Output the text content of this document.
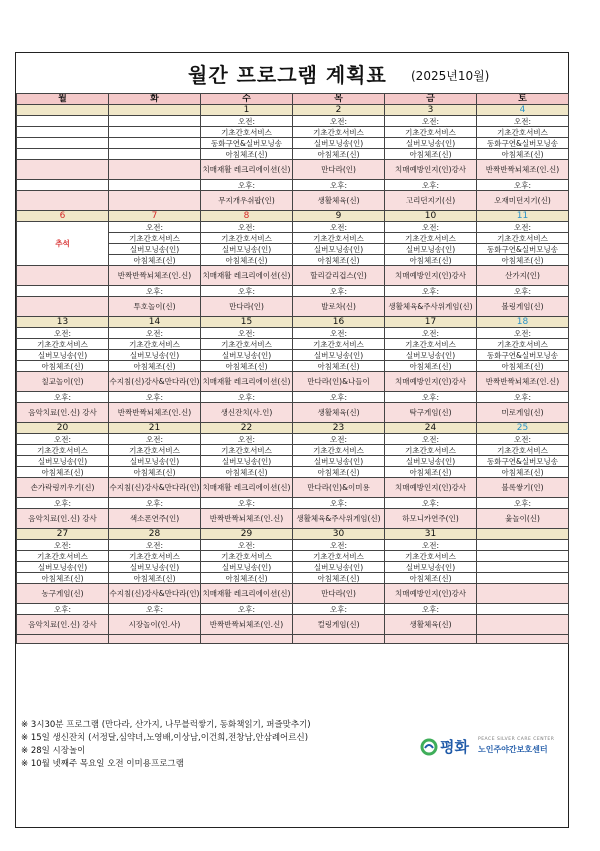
월간 프로그램 계획표 (2025년10월)
월	화	수	목	금	토
		1	2	3	4
		오전:	오전:	오전:	오전:
		기초간호서비스	기초간호서비스	기초간호서비스	기초간호서비스
		동화구연&실버모닝송	실버모닝송(인)	실버모닝송(인)	동화구연&실버모닝송
		아침체조(신)	아침체조(신)	아침체조(신)	아침체조(신)
		치매재활 레크리에이션(신)	만다라(인)	치매예방인지(인)강사	반짝반짝뇌체조(인.신)
		오후:	오후:	오후:	오후:
		무지개우쉬팝(인)	생활체육(신)	고리던지기(신)	오재미던지기(신)
6	7	8	9	10	11
추석	오전:	오전:	오전:	오전:	오전:
	기초간호서비스	기초간호서비스	기초간호서비스	기초간호서비스	기초간호서비스
	실버모닝송(인)	실버모닝송(인)	실버모닝송(인)	실버모닝송(인)	동화구연&실버모닝송
	아침체조(신)	아침체조(신)	아침체조(신)	아침체조(신)	아침체조(신)
	반짝반짝뇌체조(인.신)	치매재활 레크리에이션(신)	할리갈리겁스(인)	치매예방인지(인)강사	산가지(인)
	오후:	오후:	오후:	오후:	오후:
	투호놀이(신)	만다라(인)	발로차(신)	생활체육&주사위게임(신)	볼링게임(신)
13	14	15	16	17	18
오전:	오전:	오전:	오전:	오전:	오전:
기초간호서비스	기초간호서비스	기초간호서비스	기초간호서비스	기초간호서비스	기초간호서비스
실버모닝송(인)	실버모닝송(인)	실버모닝송(인)	실버모닝송(인)	실버모닝송(인)	동화구연&실버모닝송
아침체조(신)	아침체조(신)	아침체조(신)	아침체조(신)	아침체조(신)	아침체조(신)
칠교놀이(인)	수지침(신)강사&만다라(인)	치매재활 레크리에이션(신)	만다라(인)&나들이	치매예방인지(인)강사	반짝반짝뇌체조(인.신)
오후:	오후:	오후:	오후:	오후:	오후:
음악치료(인.신) 강사	반짝반짝뇌체조(인.신)	생신잔치(사.인)	생활체육(신)	탁구게임(신)	미로게임(신)
20	21	22	23	24	25
오전:	오전:	오전:	오전:	오전:	오전:
기초간호서비스	기초간호서비스	기초간호서비스	기초간호서비스	기초간호서비스	기초간호서비스
실버모닝송(인)	실버모닝송(인)	실버모닝송(인)	실버모닝송(인)	실버모닝송(인)	동화구연&실버모닝송
아침체조(신)	아침체조(신)	아침체조(신)	아침체조(신)	아침체조(신)	아침체조(신)
손가락링끼우기(신)	수지침(신)강사&만다라(인)	치매재활 레크리에이션(신)	만다라(인)&이미용	치매예방인지(인)강사	블록쌓기(인)
오후:	오후:	오후:	오후:	오후:	오후:
음악치료(인.신) 강사	색소폰연주(인)	반짝반짝뇌체조(인.신)	생활체육&주사위게임(신)	하모니카연주(인)	윷놀이(신)
27	28	29	30	31	
오전:	오전:	오전:	오전:	오전:	
기초간호서비스	기초간호서비스	기초간호서비스	기초간호서비스	기초간호서비스	
실버모닝송(인)	실버모닝송(인)	실버모닝송(인)	실버모닝송(인)	실버모닝송(인)	
아침체조(신)	아침체조(신)	아침체조(신)	아침체조(신)	아침체조(신)	
농구게임(신)	수지침(신)강사&만다라(인)	치매재활 레크리에이션(신)	만다라(인)	치매예방인지(인)강사	
오후:	오후:	오후:	오후:	오후:	
음악치료(인.신) 강사	시장놀이(인.사)	반짝반짝뇌체조(인.신)	컬링게임(신)	생활체육(신)	

※ 3시30분 프로그램 (만다라, 산가지, 나무블럭쌓기, 동화책읽기, 퍼즐맞추기)
※ 15일 생신잔치 (서정달,심약녀,노영배,이상남,이건희,전창남,안삼례어르신)
※ 28일 시장놀이
※ 10월 넷째주 목요일 오전 이미용프로그램
평화 PEACE SILVER CARE CENTER
노인주야간보호센터
